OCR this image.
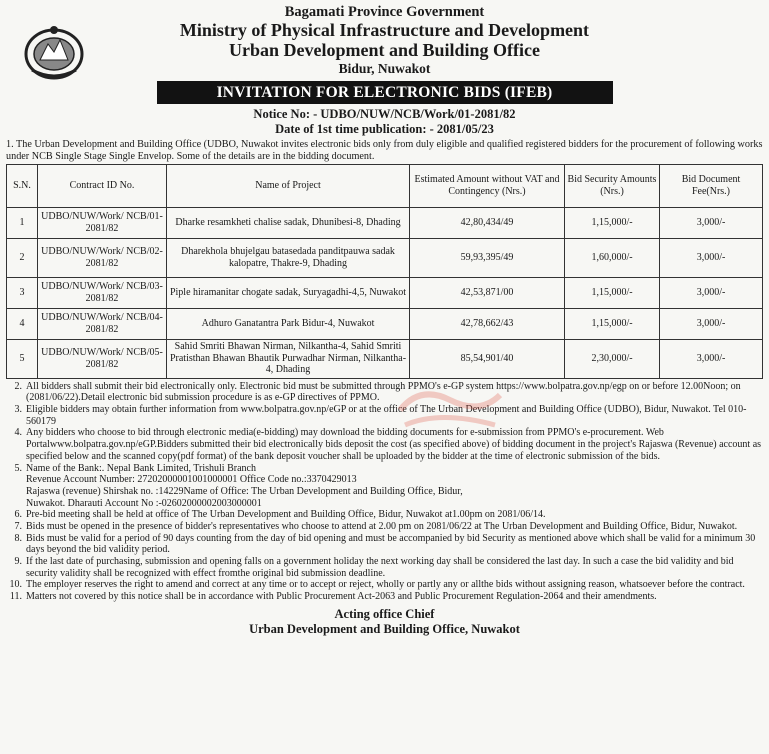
Bagamati Province Government
Ministry of Physical Infrastructure and Development
Urban Development and Building Office
Bidur, Nuwakot
INVITATION FOR ELECTRONIC BIDS (IFEB)
Notice No: - UDBO/NUW/NCB/Work/01-2081/82
Date of 1st time publication: - 2081/05/23
1. The Urban Development and Building Office (UDBO, Nuwakot invites electronic bids only from duly eligible and qualified registered bidders for the procurement of following works under NCB Single Stage Single Envelop. Some of the details are in the bidding document.
S.N.	Contract ID No.	Name of Project	Estimated Amount without VAT and Contingency (Nrs.)	Bid Security Amounts (Nrs.)	Bid Document Fee(Nrs.)
1	UDBO/NUW/Work/ NCB/01-2081/82	Dharke resamkheti chalise sadak, Dhunibesi-8, Dhading	42,80,434/49	1,15,000/-	3,000/-
2	UDBO/NUW/Work/ NCB/02-2081/82	Dharekhola bhujelgau batasedada panditpauwa sadak kalopatre, Thakre-9, Dhading	59,93,395/49	1,60,000/-	3,000/-
3	UDBO/NUW/Work/ NCB/03-2081/82	Piple hiramanitar chogate sadak, Suryagadhi-4,5, Nuwakot	42,53,871/00	1,15,000/-	3,000/-
4	UDBO/NUW/Work/ NCB/04-2081/82	Adhuro Ganatantra Park Bidur-4, Nuwakot	42,78,662/43	1,15,000/-	3,000/-
5	UDBO/NUW/Work/ NCB/05-2081/82	Sahid Smriti Bhawan Nirman, Nilkantha-4, Sahid Smriti Pratisthan Bhawan Bhautik Purwadhar Nirman, Nilkantha-4, Dhading	85,54,901/40	2,30,000/-	3,000/-
2. All bidders shall submit their bid electronically only. Electronic bid must be submitted through PPMO's e-GP system https://www.bolpatra.gov.np/egp on or before 12.00Noon; on (2081/06/22).Detail electronic bid submission procedure is as e-GP directives of PPMO.
3. Eligible bidders may obtain further information from www.bolpatra.gov.np/eGP or at the office of The Urban Development and Building Office (UDBO), Bidur, Nuwakot. Tel 010-560179
4. Any bidders who choose to bid through electronic media(e-bidding) may download the bidding documents for e-submission from PPMO's e-procurement. Web Portalwww.bolpatra.gov.np/eGP.Bidders submitted their bid electronically bids deposit the cost (as specified above) of bidding document in the project's Rajaswa (Revenue) account as specified below and the scanned copy(pdf format) of the bank deposit voucher shall be uploaded by the bidder at the time of electronic submission of the bids.
5. Name of the Bank:. Nepal Bank Limited, Trishuli Branch
Revenue Account Number: 27202000001001000001 Office Code no.:3370429013
Rajaswa (revenue) Shirshak no. :14229Name of Office: The Urban Development and Building Office, Bidur,
Nuwakot. Dharauti Account No :-02602000002003000001
6. Pre-bid meeting shall be held at office of The Urban Development and Building Office, Bidur, Nuwakot at1.00pm on 2081/06/14.
7. Bids must be opened in the presence of bidder's representatives who choose to attend at 2.00 pm on 2081/06/22 at The Urban Development and Building Office, Bidur, Nuwakot.
8. Bids must be valid for a period of 90 days counting from the day of bid opening and must be accompanied by bid Security as mentioned above which shall be valid for a minimum 30 days beyond the bid validity period.
9. If the last date of purchasing, submission and opening falls on a government holiday the next working day shall be considered the last day. In such a case the bid validity and bid security validity shall be recognized with effect fromthe original bid submission deadline.
10. The employer reserves the right to amend and correct at any time or to accept or reject, wholly or partly any or allthe bids without assigning reason, whatsoever before the contract.
11. Matters not covered by this notice shall be in accordance with Public Procurement Act-2063 and Public Procurement Regulation-2064 and their amendments.
Acting office Chief
Urban Development and Building Office, Nuwakot
